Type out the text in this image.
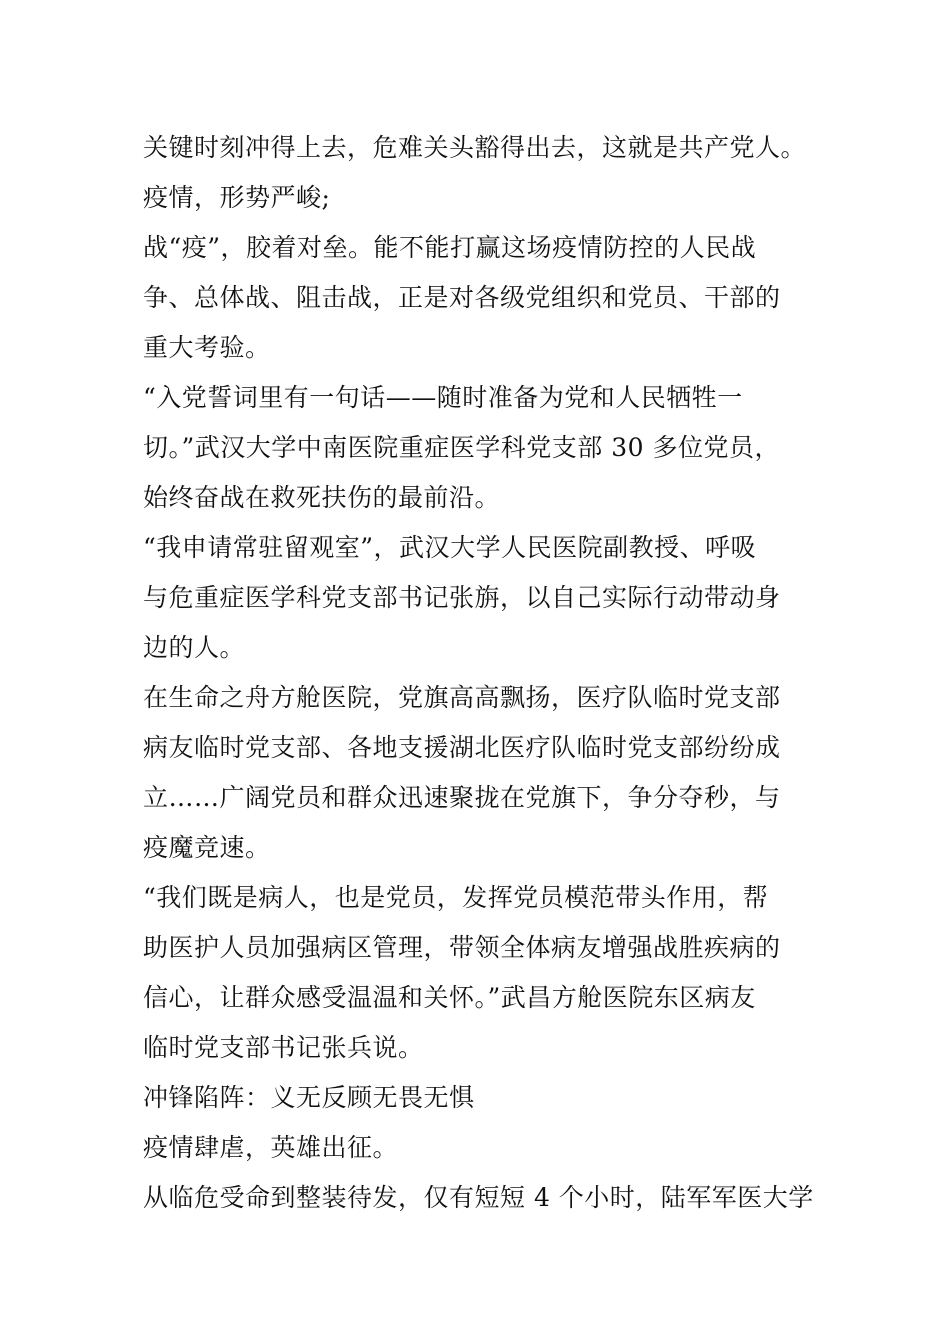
关键时刻冲得上去，危难关头豁得出去，这就是共产党人。
疫情，形势严峻;
战“疫”，胶着对垒。能不能打赢这场疫情防控的人民战
争、总体战、阻击战，正是对各级党组织和党员、干部的
重大考验。
“入党誓词里有一句话——随时准备为党和人民牺牲一
切。”武汉大学中南医院重症医学科党支部 30 多位党员，
始终奋战在救死扶伤的最前沿。
“我申请常驻留观室”，武汉大学人民医院副教授、呼吸
与危重症医学科党支部书记张旃，以自己实际行动带动身
边的人。
在生命之舟方舱医院，党旗高高飘扬，医疗队临时党支部
病友临时党支部、各地支援湖北医疗队临时党支部纷纷成
立……广阔党员和群众迅速聚拢在党旗下，争分夺秒，与
疫魔竞速。
“我们既是病人，也是党员，发挥党员模范带头作用，帮
助医护人员加强病区管理，带领全体病友增强战胜疾病的
信心，让群众感受温温和关怀。”武昌方舱医院东区病友
临时党支部书记张兵说。
冲锋陷阵：义无反顾无畏无惧
疫情肆虐，英雄出征。
从临危受命到整装待发，仅有短短 4 个小时，陆军军医大学
